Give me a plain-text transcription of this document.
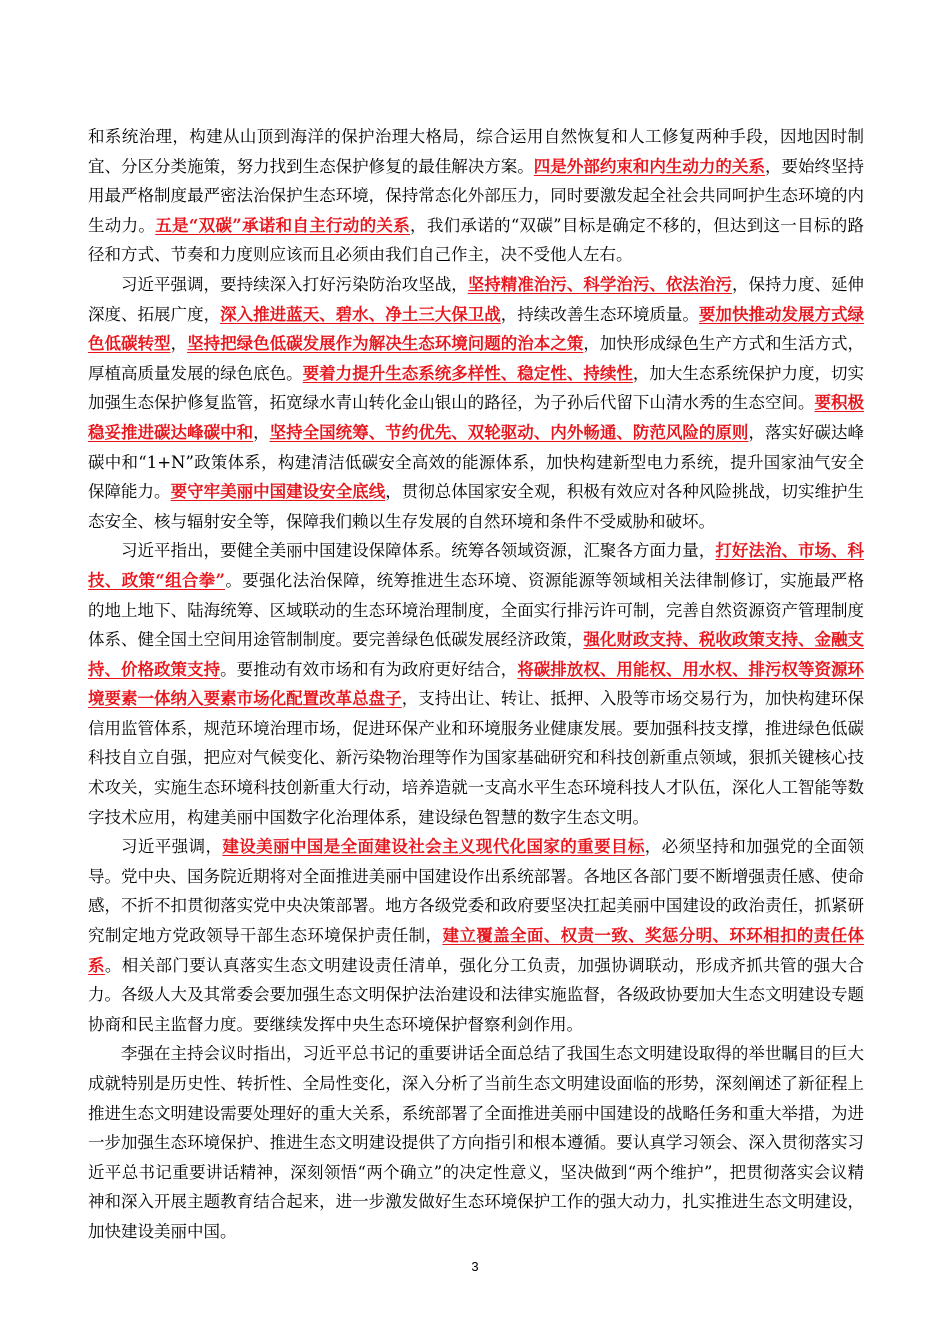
和系统治理，构建从山顶到海洋的保护治理大格局，综合运用自然恢复和人工修复两种手段，因地因时制宜、分区分类施策，努力找到生态保护修复的最佳解决方案。四是外部约束和内生动力的关系，要始终坚持用最严格制度最严密法治保护生态环境，保持常态化外部压力，同时要激发起全社会共同呵护生态环境的内生动力。五是“双碳”承诺和自主行动的关系，我们承诺的“双碳”目标是确定不移的，但达到这一目标的路径和方式、节奏和力度则应该而且必须由我们自己作主，决不受他人左右。

习近平强调，要持续深入打好污染防治攻坚战，坚持精准治污、科学治污、依法治污，保持力度、延伸深度、拓展广度，深入推进蓝天、碧水、净土三大保卫战，持续改善生态环境质量。要加快推动发展方式绿色低碳转型，坚持把绿色低碳发展作为解决生态环境问题的治本之策，加快形成绿色生产方式和生活方式，厚植高质量发展的绿色底色。要着力提升生态系统多样性、稳定性、持续性，加大生态系统保护力度，切实加强生态保护修复监管，拓宽绿水青山转化金山银山的路径，为子孙后代留下山清水秀的生态空间。要积极稳妥推进碳达峰碳中和，坚持全国统筹、节约优先、双轮驱动、内外畅通、防范风险的原则，落实好碳达峰碳中和“1+N”政策体系，构建清洁低碳安全高效的能源体系，加快构建新型电力系统，提升国家油气安全保障能力。要守牢美丽中国建设安全底线，贯彻总体国家安全观，积极有效应对各种风险挑战，切实维护生态安全、核与辐射安全等，保障我们赖以生存发展的自然环境和条件不受威胁和破坏。

习近平指出，要健全美丽中国建设保障体系。统筹各领域资源，汇聚各方面力量，打好法治、市场、科技、政策“组合拳”。要强化法治保障，统筹推进生态环境、资源能源等领域相关法律制修订，实施最严格的地上地下、陆海统筹、区域联动的生态环境治理制度，全面实行排污许可制，完善自然资源资产管理制度体系、健全国土空间用途管制制度。要完善绿色低碳发展经济政策，强化财政支持、税收政策支持、金融支持、价格政策支持。要推动有效市场和有为政府更好结合，将碳排放权、用能权、用水权、排污权等资源环境要素一体纳入要素市场化配置改革总盘子，支持出让、转让、抵押、入股等市场交易行为，加快构建环保信用监管体系，规范环境治理市场，促进环保产业和环境服务业健康发展。要加强科技支撑，推进绿色低碳科技自立自强，把应对气候变化、新污染物治理等作为国家基础研究和科技创新重点领域，狠抓关键核心技术攻关，实施生态环境科技创新重大行动，培养造就一支高水平生态环境科技人才队伍，深化人工智能等数字技术应用，构建美丽中国数字化治理体系，建设绿色智慧的数字生态文明。

习近平强调，建设美丽中国是全面建设社会主义现代化国家的重要目标，必须坚持和加强党的全面领导。党中央、国务院近期将对全面推进美丽中国建设作出系统部署。各地区各部门要不断增强责任感、使命感，不折不扣贯彻落实党中央决策部署。地方各级党委和政府要坚决扛起美丽中国建设的政治责任，抓紧研究制定地方党政领导干部生态环境保护责任制，建立覆盖全面、权责一致、奖惩分明、环环相扣的责任体系。相关部门要认真落实生态文明建设责任清单，强化分工负责，加强协调联动，形成齐抓共管的强大合力。各级人大及其常委会要加强生态文明保护法治建设和法律实施监督，各级政协要加大生态文明建设专题协商和民主监督力度。要继续发挥中央生态环境保护督察利剑作用。

李强在主持会议时指出，习近平总书记的重要讲话全面总结了我国生态文明建设取得的举世瞩目的巨大成就特别是历史性、转折性、全局性变化，深入分析了当前生态文明建设面临的形势，深刻阐述了新征程上推进生态文明建设需要处理好的重大关系，系统部署了全面推进美丽中国建设的战略任务和重大举措，为进一步加强生态环境保护、推进生态文明建设提供了方向指引和根本遵循。要认真学习领会、深入贯彻落实习近平总书记重要讲话精神，深刻领悟“两个确立”的决定性意义，坚决做到“两个维护”，把贯彻落实会议精神和深入开展主题教育结合起来，进一步激发做好生态环境保护工作的强大动力，扎实推进生态文明建设，加快建设美丽中国。

3
